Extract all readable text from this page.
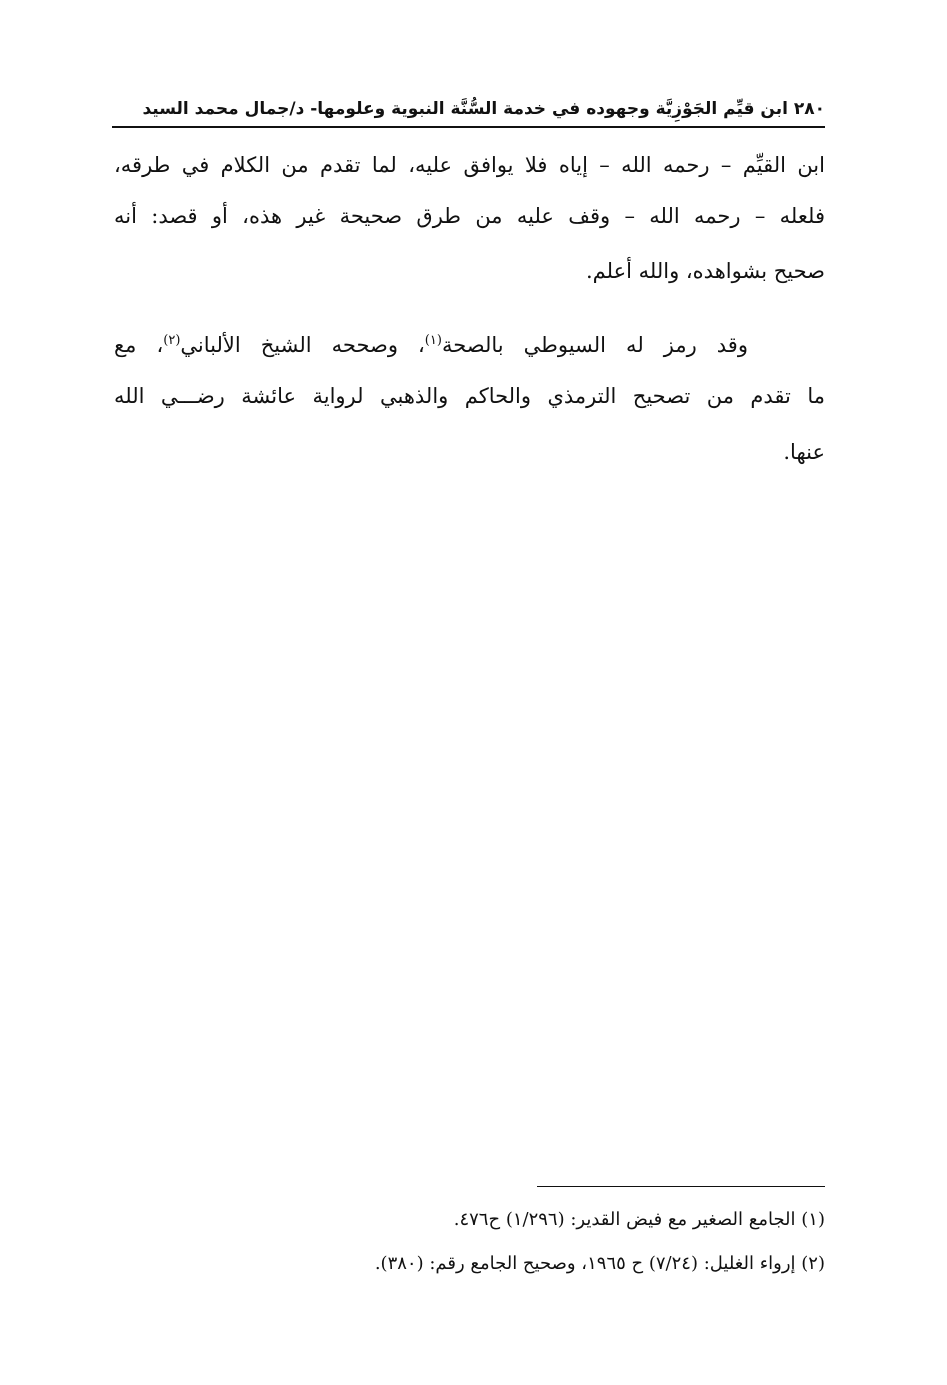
٢٨٠ ابن قيِّم الجَوْزِيَّة وجهوده في خدمة السُّنَّة النبوية وعلومها- د/جمال محمد السيد
ابن القيِّم – رحمه الله – إياه فلا يوافق عليه، لما تقدم من الكلام في طرقه،
فلعله – رحمه الله – وقف عليه من طرق صحيحة غير هذه، أو قصد: أنه
صحيح بشواهده، والله أعلم.
وقد رمز له السيوطي بالصحة$^{(١)}$، وصححه الشيخ الألباني$^{(٢)}$، مع
ما تقدم من تصحيح الترمذي والحاكم والذهبي لرواية عائشة رضـــي الله
عنها.
(١) الجامع الصغير مع فيض القدير: (١/٢٩٦) ح٤٧٦.
(٢) إرواء الغليل: (٧/٢٤) ح ١٩٦٥، وصحيح الجامع رقم: (٣٨٠).
